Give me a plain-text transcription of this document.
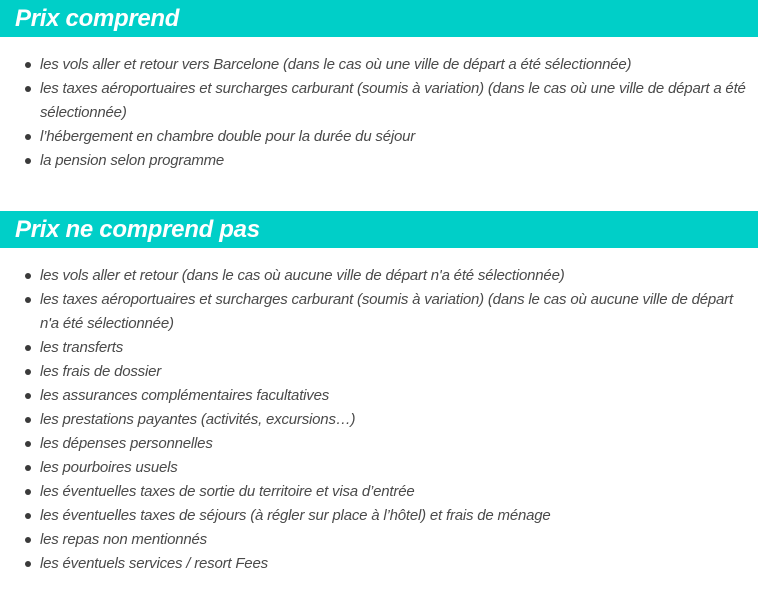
Prix comprend
les vols aller et retour vers Barcelone (dans le cas où une ville de départ a été sélectionnée)
les taxes aéroportuaires et surcharges carburant (soumis à variation) (dans le cas où une ville de départ a été sélectionnée)
l’hébergement en chambre double pour la durée du séjour
la pension selon programme
Prix ne comprend pas
les vols aller et retour (dans le cas où aucune ville de départ n'a été sélectionnée)
les taxes aéroportuaires et surcharges carburant (soumis à variation) (dans le cas où aucune ville de départ n'a été sélectionnée)
les transferts
les frais de dossier
les assurances complémentaires facultatives
les prestations payantes (activités, excursions…)
les dépenses personnelles
les pourboires usuels
les éventuelles taxes de sortie du territoire et visa d’entrée
les éventuelles taxes de séjours (à régler sur place à l’hôtel) et frais de ménage
les repas non mentionnés
les éventuels services / resort Fees
